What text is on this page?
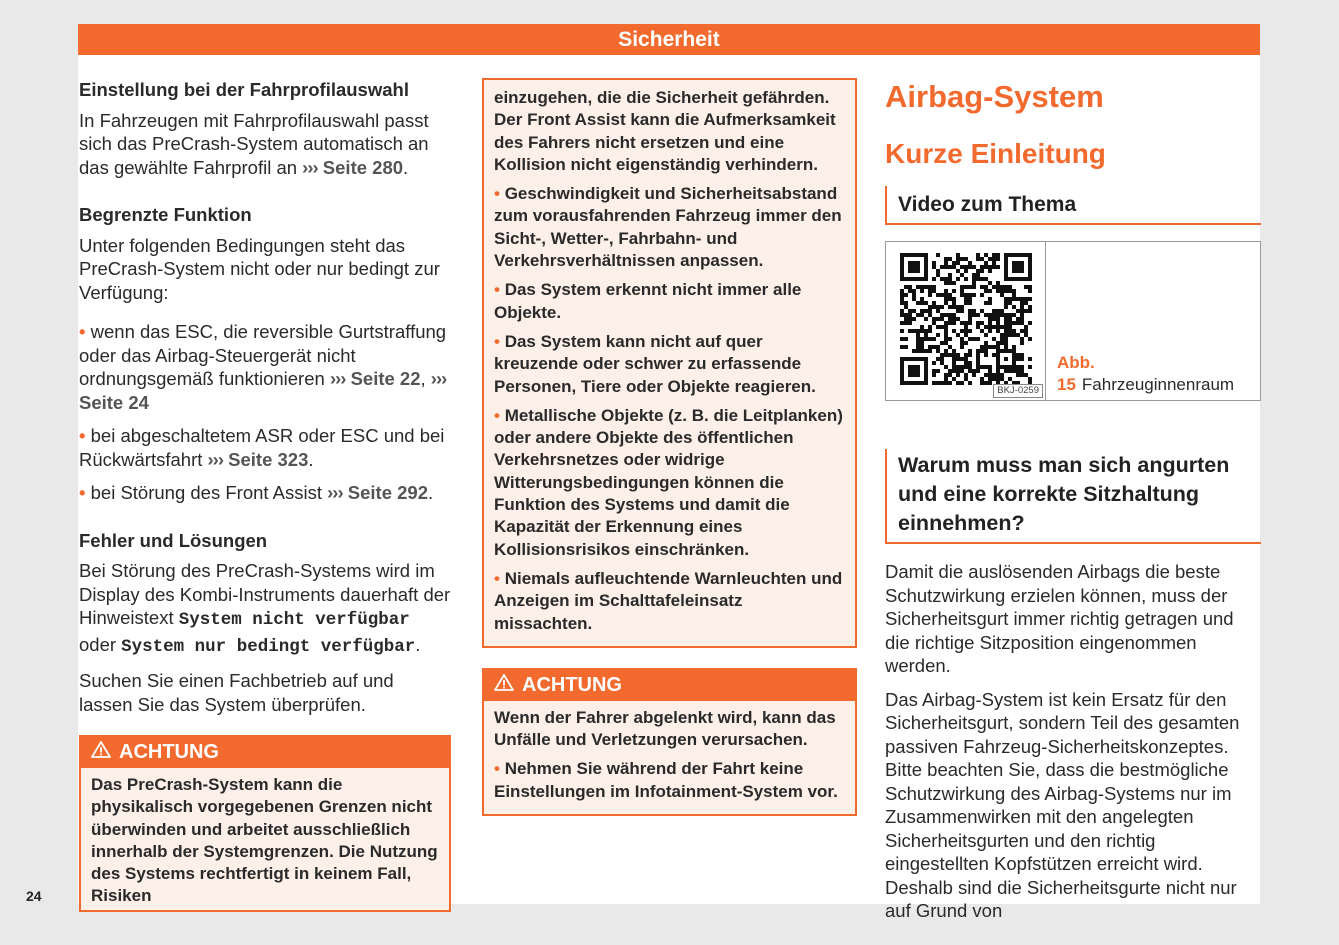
Sicherheit
Einstellung bei der Fahrprofilauswahl

In Fahrzeugen mit Fahrprofilauswahl passt sich das PreCrash-System automatisch an das gewählte Fahrprofil an ››› Seite 280.

Begrenzte Funktion

Unter folgenden Bedingungen steht das PreCrash-System nicht oder nur bedingt zur Verfügung:

• wenn das ESC, die reversible Gurtstraffung oder das Airbag-Steuergerät nicht ordnungsgemäß funktionieren ››› Seite 22, ››› Seite 24

• bei abgeschaltetem ASR oder ESC und bei Rückwärtsfahrt ››› Seite 323.

• bei Störung des Front Assist ››› Seite 292.

Fehler und Lösungen

Bei Störung des PreCrash-Systems wird im Display des Kombi-Instruments dauerhaft der Hinweistext System nicht verfügbar oder System nur bedingt verfügbar.

Suchen Sie einen Fachbetrieb auf und lassen Sie das System überprüfen.

ACHTUNG

Das PreCrash-System kann die physikalisch vorgegebenen Grenzen nicht überwinden und arbeitet ausschließlich innerhalb der Systemgrenzen. Die Nutzung des Systems rechtfertigt in keinem Fall, Risiken

einzugehen, die die Sicherheit gefährden. Der Front Assist kann die Aufmerksamkeit des Fahrers nicht ersetzen und eine Kollision nicht eigenständig verhindern.

• Geschwindigkeit und Sicherheitsabstand zum vorausfahrenden Fahrzeug immer den Sicht-, Wetter-, Fahrbahn- und Verkehrsverhältnissen anpassen.

• Das System erkennt nicht immer alle Objekte.

• Das System kann nicht auf quer kreuzende oder schwer zu erfassende Personen, Tiere oder Objekte reagieren.

• Metallische Objekte (z. B. die Leitplanken) oder andere Objekte des öffentlichen Verkehrsnetzes oder widrige Witterungsbedingungen können die Funktion des Systems und damit die Kapazität der Erkennung eines Kollisionsrisikos einschränken.

• Niemals aufleuchtende Warnleuchten und Anzeigen im Schalttafeleinsatz missachten.

ACHTUNG

Wenn der Fahrer abgelenkt wird, kann das Unfälle und Verletzungen verursachen.

• Nehmen Sie während der Fahrt keine Einstellungen im Infotainment-System vor.

Airbag-System
Kurze Einleitung
Video zum Thema
BKJ-0259
Abb. 15 Fahrzeuginnenraum
Warum muss man sich angurten und eine korrekte Sitzhaltung einnehmen?

Damit die auslösenden Airbags die beste Schutzwirkung erzielen können, muss der Sicherheitsgurt immer richtig getragen und die richtige Sitzposition eingenommen werden.

Das Airbag-System ist kein Ersatz für den Sicherheitsgurt, sondern Teil des gesamten passiven Fahrzeug-Sicherheitskonzeptes. Bitte beachten Sie, dass die bestmögliche Schutzwirkung des Airbag-Systems nur im Zusammenwirken mit den angelegten Sicherheitsgurten und den richtig eingestellten Kopfstützen erreicht wird. Deshalb sind die Sicherheitsgurte nicht nur auf Grund von

24
